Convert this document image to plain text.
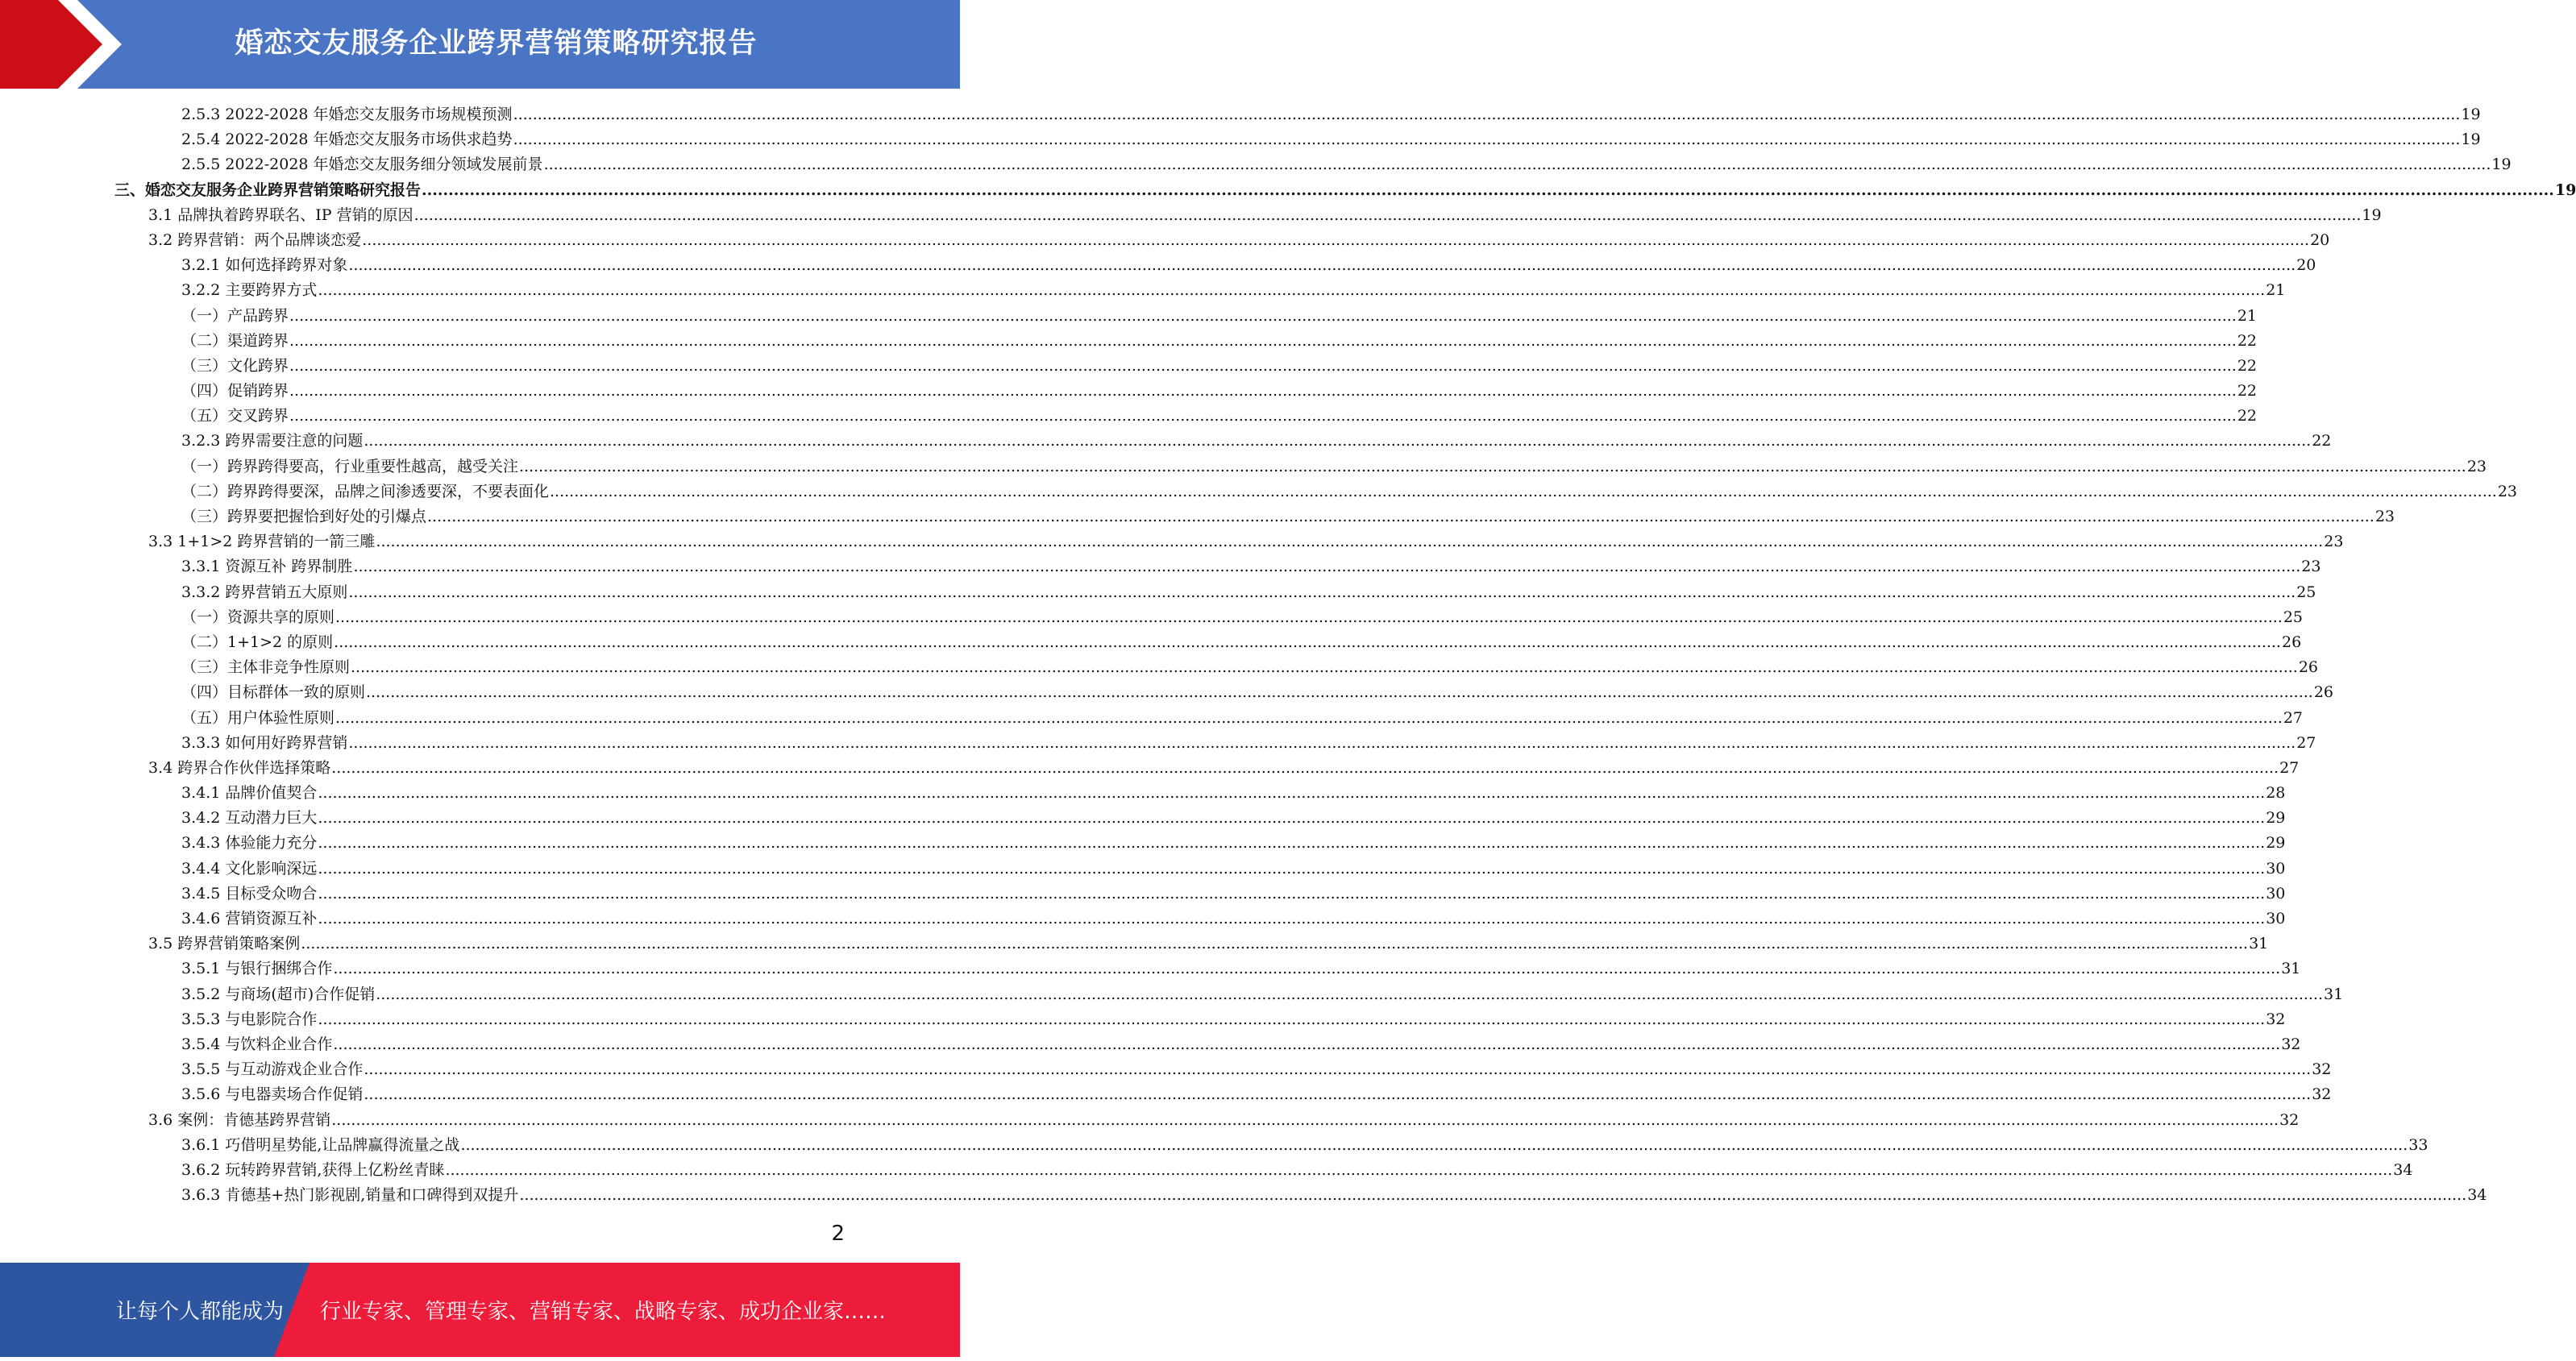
婚恋交友服务企业跨界营销策略研究报告
2.5.3 2022-2028 年婚恋交友服务市场规模预测 ................................................................................................................................................................................................................................................................................................................................................................................................................ 19
2.5.4 2022-2028 年婚恋交友服务市场供求趋势 ................................................................................................................................................................................................................................................................................................................................................................................................................ 19
2.5.5 2022-2028 年婚恋交友服务细分领域发展前景 ................................................................................................................................................................................................................................................................................................................................................................................................................ 19
三、婚恋交友服务企业跨界营销策略研究报告 ................................................................................................................................................................................................................................................................................................................................................................................................................ 19
3.1 品牌执着跨界联名、IP 营销的原因 ................................................................................................................................................................................................................................................................................................................................................................................................................ 19
3.2 跨界营销：两个品牌谈恋爱 ................................................................................................................................................................................................................................................................................................................................................................................................................ 20
3.2.1 如何选择跨界对象 ................................................................................................................................................................................................................................................................................................................................................................................................................ 20
3.2.2 主要跨界方式 ................................................................................................................................................................................................................................................................................................................................................................................................................ 21
（一）产品跨界 ................................................................................................................................................................................................................................................................................................................................................................................................................ 21
（二）渠道跨界 ................................................................................................................................................................................................................................................................................................................................................................................................................ 22
（三）文化跨界 ................................................................................................................................................................................................................................................................................................................................................................................................................ 22
（四）促销跨界 ................................................................................................................................................................................................................................................................................................................................................................................................................ 22
（五）交叉跨界 ................................................................................................................................................................................................................................................................................................................................................................................................................ 22
3.2.3 跨界需要注意的问题 ................................................................................................................................................................................................................................................................................................................................................................................................................ 22
（一）跨界跨得要高，行业重要性越高，越受关注 ................................................................................................................................................................................................................................................................................................................................................................................................................ 23
（二）跨界跨得要深，品牌之间渗透要深，不要表面化 ................................................................................................................................................................................................................................................................................................................................................................................................................ 23
（三）跨界要把握恰到好处的引爆点 ................................................................................................................................................................................................................................................................................................................................................................................................................ 23
3.3 1+1>2 跨界营销的一箭三雕 ................................................................................................................................................................................................................................................................................................................................................................................................................ 23
3.3.1 资源互补 跨界制胜 ................................................................................................................................................................................................................................................................................................................................................................................................................ 23
3.3.2 跨界营销五大原则 ................................................................................................................................................................................................................................................................................................................................................................................................................ 25
（一）资源共享的原则 ................................................................................................................................................................................................................................................................................................................................................................................................................ 25
（二）1+1>2 的原则 ................................................................................................................................................................................................................................................................................................................................................................................................................ 26
（三）主体非竞争性原则 ................................................................................................................................................................................................................................................................................................................................................................................................................ 26
（四）目标群体一致的原则 ................................................................................................................................................................................................................................................................................................................................................................................................................ 26
（五）用户体验性原则 ................................................................................................................................................................................................................................................................................................................................................................................................................ 27
3.3.3 如何用好跨界营销 ................................................................................................................................................................................................................................................................................................................................................................................................................ 27
3.4 跨界合作伙伴选择策略 ................................................................................................................................................................................................................................................................................................................................................................................................................ 27
3.4.1 品牌价值契合 ................................................................................................................................................................................................................................................................................................................................................................................................................ 28
3.4.2 互动潜力巨大 ................................................................................................................................................................................................................................................................................................................................................................................................................ 29
3.4.3 体验能力充分 ................................................................................................................................................................................................................................................................................................................................................................................................................ 29
3.4.4 文化影响深远 ................................................................................................................................................................................................................................................................................................................................................................................................................ 30
3.4.5 目标受众吻合 ................................................................................................................................................................................................................................................................................................................................................................................................................ 30
3.4.6 营销资源互补 ................................................................................................................................................................................................................................................................................................................................................................................................................ 30
3.5 跨界营销策略案例 ................................................................................................................................................................................................................................................................................................................................................................................................................ 31
3.5.1 与银行捆绑合作 ................................................................................................................................................................................................................................................................................................................................................................................................................ 31
3.5.2 与商场(超市)合作促销 ................................................................................................................................................................................................................................................................................................................................................................................................................ 31
3.5.3 与电影院合作 ................................................................................................................................................................................................................................................................................................................................................................................................................ 32
3.5.4 与饮料企业合作 ................................................................................................................................................................................................................................................................................................................................................................................................................ 32
3.5.5 与互动游戏企业合作 ................................................................................................................................................................................................................................................................................................................................................................................................................ 32
3.5.6 与电器卖场合作促销 ................................................................................................................................................................................................................................................................................................................................................................................................................ 32
3.6 案例：肯德基跨界营销 ................................................................................................................................................................................................................................................................................................................................................................................................................ 32
3.6.1 巧借明星势能,让品牌赢得流量之战 ................................................................................................................................................................................................................................................................................................................................................................................................................ 33
3.6.2 玩转跨界营销,获得上亿粉丝青睐 ................................................................................................................................................................................................................................................................................................................................................................................................................ 34
3.6.3 肯德基+热门影视剧,销量和口碑得到双提升 ................................................................................................................................................................................................................................................................................................................................................................................................................ 34
2
让每个人都能成为 行业专家、管理专家、营销专家、战略专家、成功企业家……
